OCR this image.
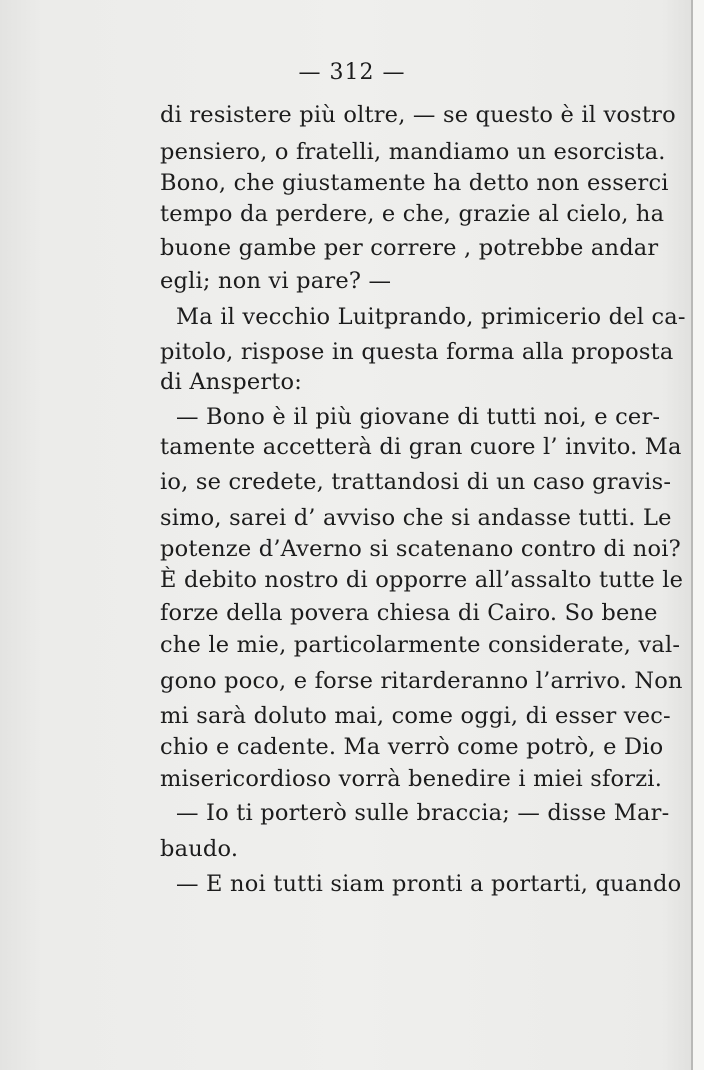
— 312 —
di resistere più oltre, — se questo è il vostro
pensiero, o fratelli, mandiamo un esorcista.
Bono, che giustamente ha detto non esserci
tempo da perdere, e che, grazie al cielo, ha
buone gambe per correre , potrebbe andar
egli; non vi pare? —
Ma il vecchio Luitprando, primicerio del ca-
pitolo, rispose in questa forma alla proposta
di Ansperto:
— Bono è il più giovane di tutti noi, e cer-
tamente accetterà di gran cuore l’ invito. Ma
io, se credete, trattandosi di un caso gravis-
simo, sarei d’ avviso che si andasse tutti. Le
potenze d’Averno si scatenano contro di noi?
È debito nostro di opporre all’assalto tutte le
forze della povera chiesa di Cairo. So bene
che le mie, particolarmente considerate, val-
gono poco, e forse ritarderanno l’arrivo. Non
mi sarà doluto mai, come oggi, di esser vec-
chio e cadente. Ma verrò come potrò, e Dio
misericordioso vorrà benedire i miei sforzi.
— Io ti porterò sulle braccia; — disse Mar-
baudo.
— E noi tutti siam pronti a portarti, quando
